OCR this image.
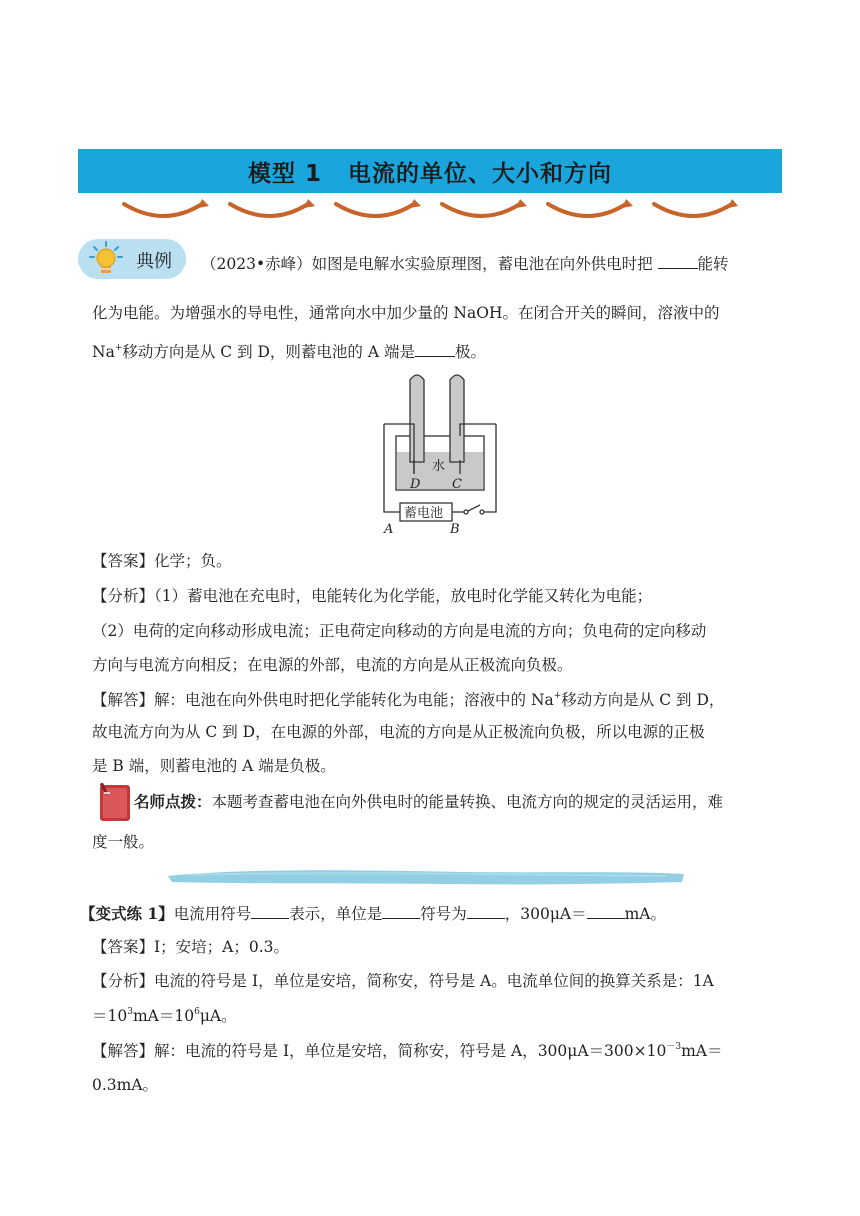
模型 1 电流的单位、大小和方向
典例 （2023•赤峰）如图是电解水实验原理图，蓄电池在向外供电时把	能转
化为电能。为增强水的导电性，通常向水中加少量的 NaOH。在闭合开关的瞬间，溶液中的
Na+移动方向是从 C 到 D，则蓄电池的 A 端是	极。
水
D C
蓄电池
A	B
【答案】化学；负。
【分析】（1）蓄电池在充电时，电能转化为化学能，放电时化学能又转化为电能；
（2）电荷的定向移动形成电流；正电荷定向移动的方向是电流的方向；负电荷的定向移动
方向与电流方向相反；在电源的外部，电流的方向是从正极流向负极。
【解答】解：电池在向外供电时把化学能转化为电能；溶液中的 Na+移动方向是从 C 到 D，
故电流方向为从 C 到 D，在电源的外部，电流的方向是从正极流向负极，所以电源的正极
是 B 端，则蓄电池的 A 端是负极。
名师点拨：本题考查蓄电池在向外供电时的能量转换、电流方向的规定的灵活运用，难
度一般。
【变式练 1】电流用符号 表示，单位是 符号为 ，300μA＝ mA。
【答案】I；安培；A；0.3。
【分析】电流的符号是 I，单位是安培，简称安，符号是 A。电流单位间的换算关系是：1A
$=10^3mA=10^6\mu A$。
【解答】解：电流的符号是 I，单位是安培，简称安，符号是 A，$300\mu A=300\times 10^{-3}mA=$
0.3mA。
